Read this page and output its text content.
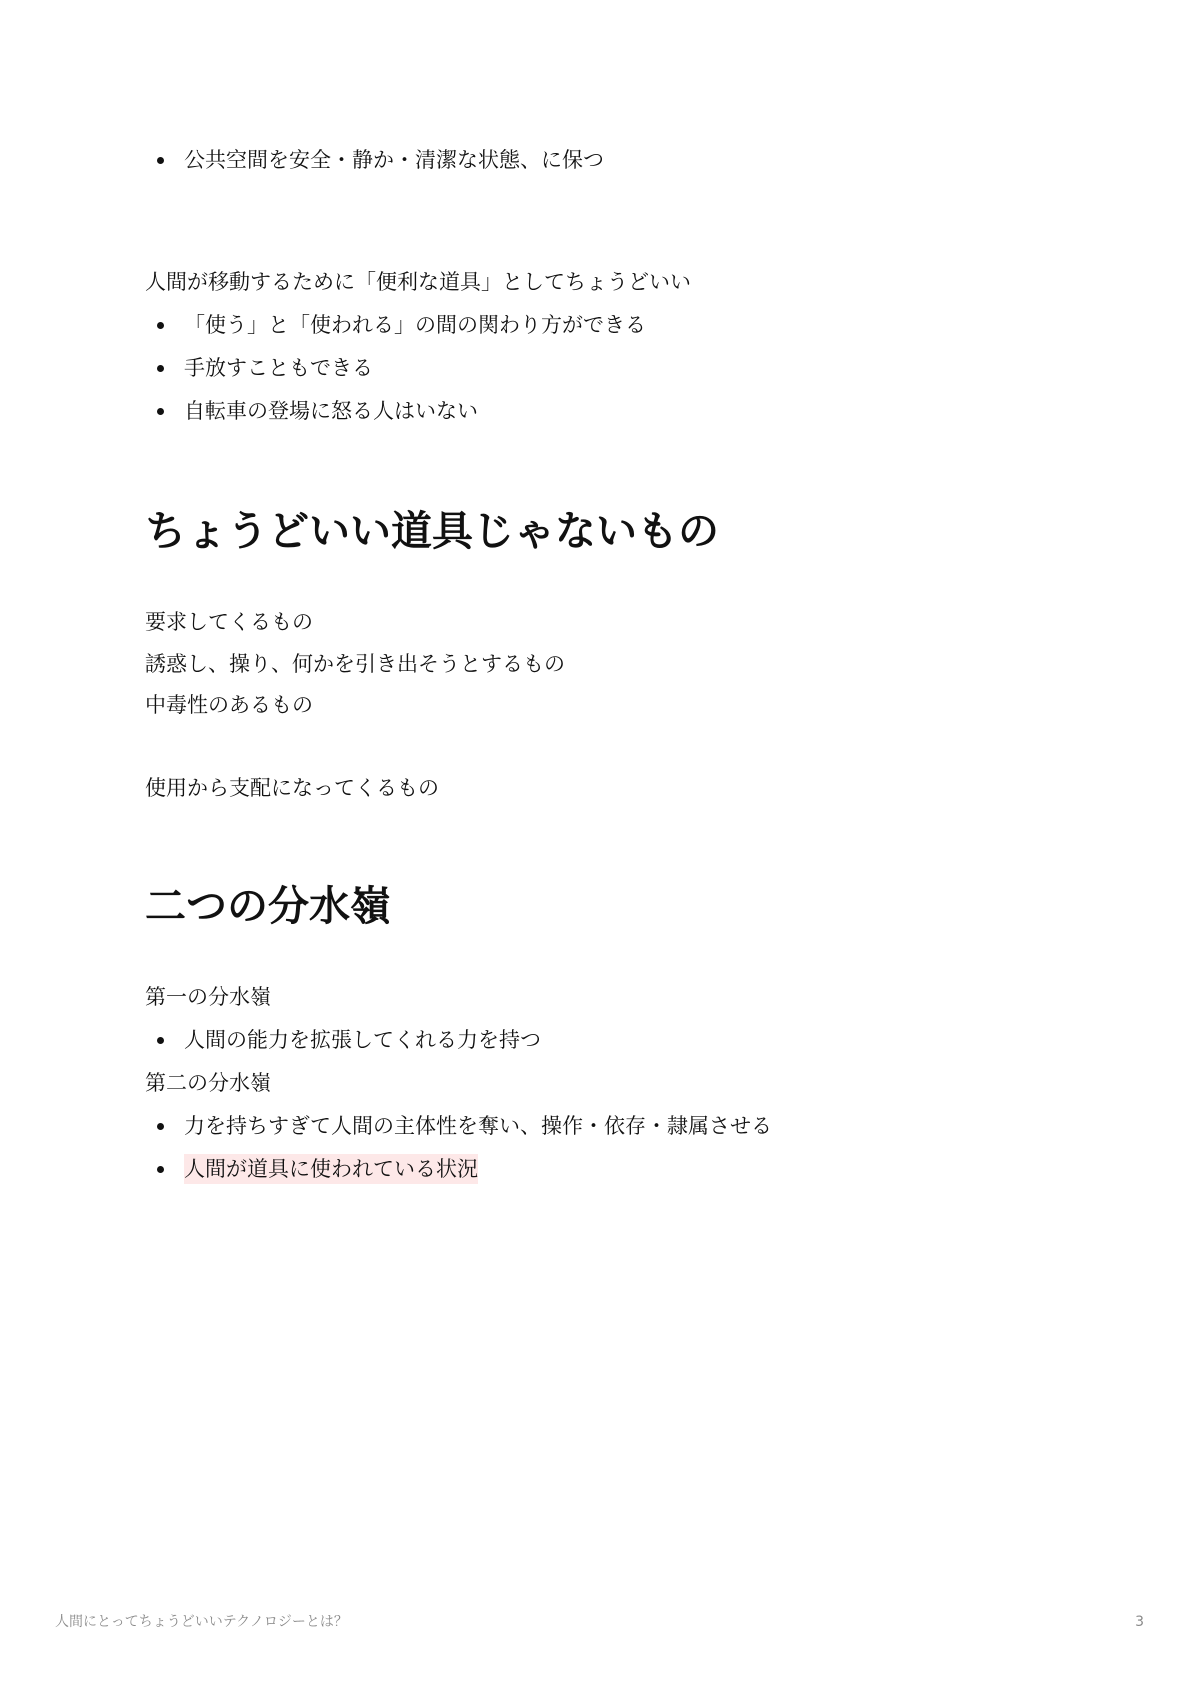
公共空間を安全・静か・清潔な状態、に保つ

人間が移動するために「便利な道具」としてちょうどいい

「使う」と「使われる」の間の関わり方ができる
手放すこともできる
自転車の登場に怒る人はいない
ちょうどいい道具じゃないもの

要求してくるもの

誘惑し、操り、何かを引き出そうとするもの

中毒性のあるもの

使用から支配になってくるもの

二つの分水嶺

第一の分水嶺

人間の能力を拡張してくれる力を持つ

第二の分水嶺

力を持ちすぎて人間の主体性を奪い、操作・依存・隷属させる
人間が道具に使われている状況
人間にとってちょうどいいテクノロジーとは？	3
